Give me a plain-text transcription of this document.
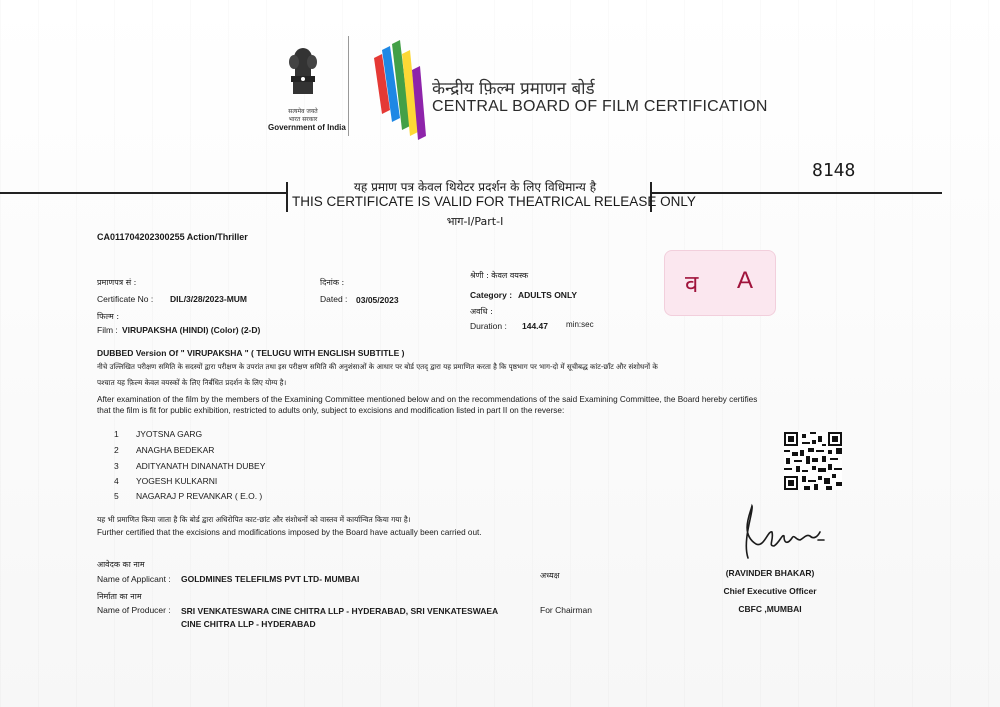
सत्यमेव जयते
भारत सरकार
Government of India
केन्द्रीय फ़िल्म प्रमाणन बोर्ड
CENTRAL BOARD OF FILM CERTIFICATION
8148
यह प्रमाण पत्र केवल थियेटर प्रदर्शन के लिए विधिमान्य है
THIS CERTIFICATE IS VALID FOR THEATRICAL RELEASE ONLY
भाग-I/Part-I
CA011704202300255 Action/Thriller
प्रमाणपत्र सं :
Certificate No : DIL/3/28/2023-MUM
दिनांक :
Dated : 03/05/2023
फिल्म :
Film : VIRUPAKSHA (HINDI) (Color) (2-D)
श्रेणी : केवल वयस्क
Category : ADULTS ONLY
अवधि :
Duration : 144.47 min:sec
व A
DUBBED Version Of " VIRUPAKSHA " ( TELUGU WITH ENGLISH SUBTITLE )
नीचे उल्लिखित परीक्षण समिति के सदस्यों द्वारा परीक्षण के उपरांत तथा इस परीक्षण समिति की अनुशंसाओं के आधार पर बोर्ड एतद् द्वारा यह प्रमाणित करता है कि पृष्ठभाग पर भाग-दो में सूचीबद्ध कांट-छाँट और संशोधनों के
पश्चात यह फ़िल्म केवल वयस्कों के लिए निर्बंधित प्रदर्शन के लिए योग्य है।
After examination of the film by the members of the Examining Committee mentioned below and on the recommendations of the said Examining Committee, the Board hereby certifies
that the film is fit for public exhibition, restricted to adults only, subject to excisions and modification listed in part II on the reverse:
1 JYOTSNA GARG
2 ANAGHA BEDEKAR
3 ADITYANATH DINANATH DUBEY
4 YOGESH KULKARNI
5 NAGARAJ P REVANKAR ( E.O. )
यह भी प्रमाणित किया जाता है कि बोर्ड द्वारा अधिरोपित काट-छांट और संशोधनों को वास्तव में कार्यान्वित किया गया है।
Further certified that the excisions and modifications imposed by the Board have actually been carried out.
आवेदक का नाम
Name of Applicant : GOLDMINES TELEFILMS PVT LTD- MUMBAI
निर्माता का नाम
Name of Producer : SRI VENKATESWARA CINE CHITRA LLP - HYDERABAD, SRI VENKATESWAEA
CINE CHITRA LLP - HYDERABAD
अध्यक्ष
For Chairman
(RAVINDER BHAKAR)
Chief Executive Officer
CBFC ,MUMBAI
